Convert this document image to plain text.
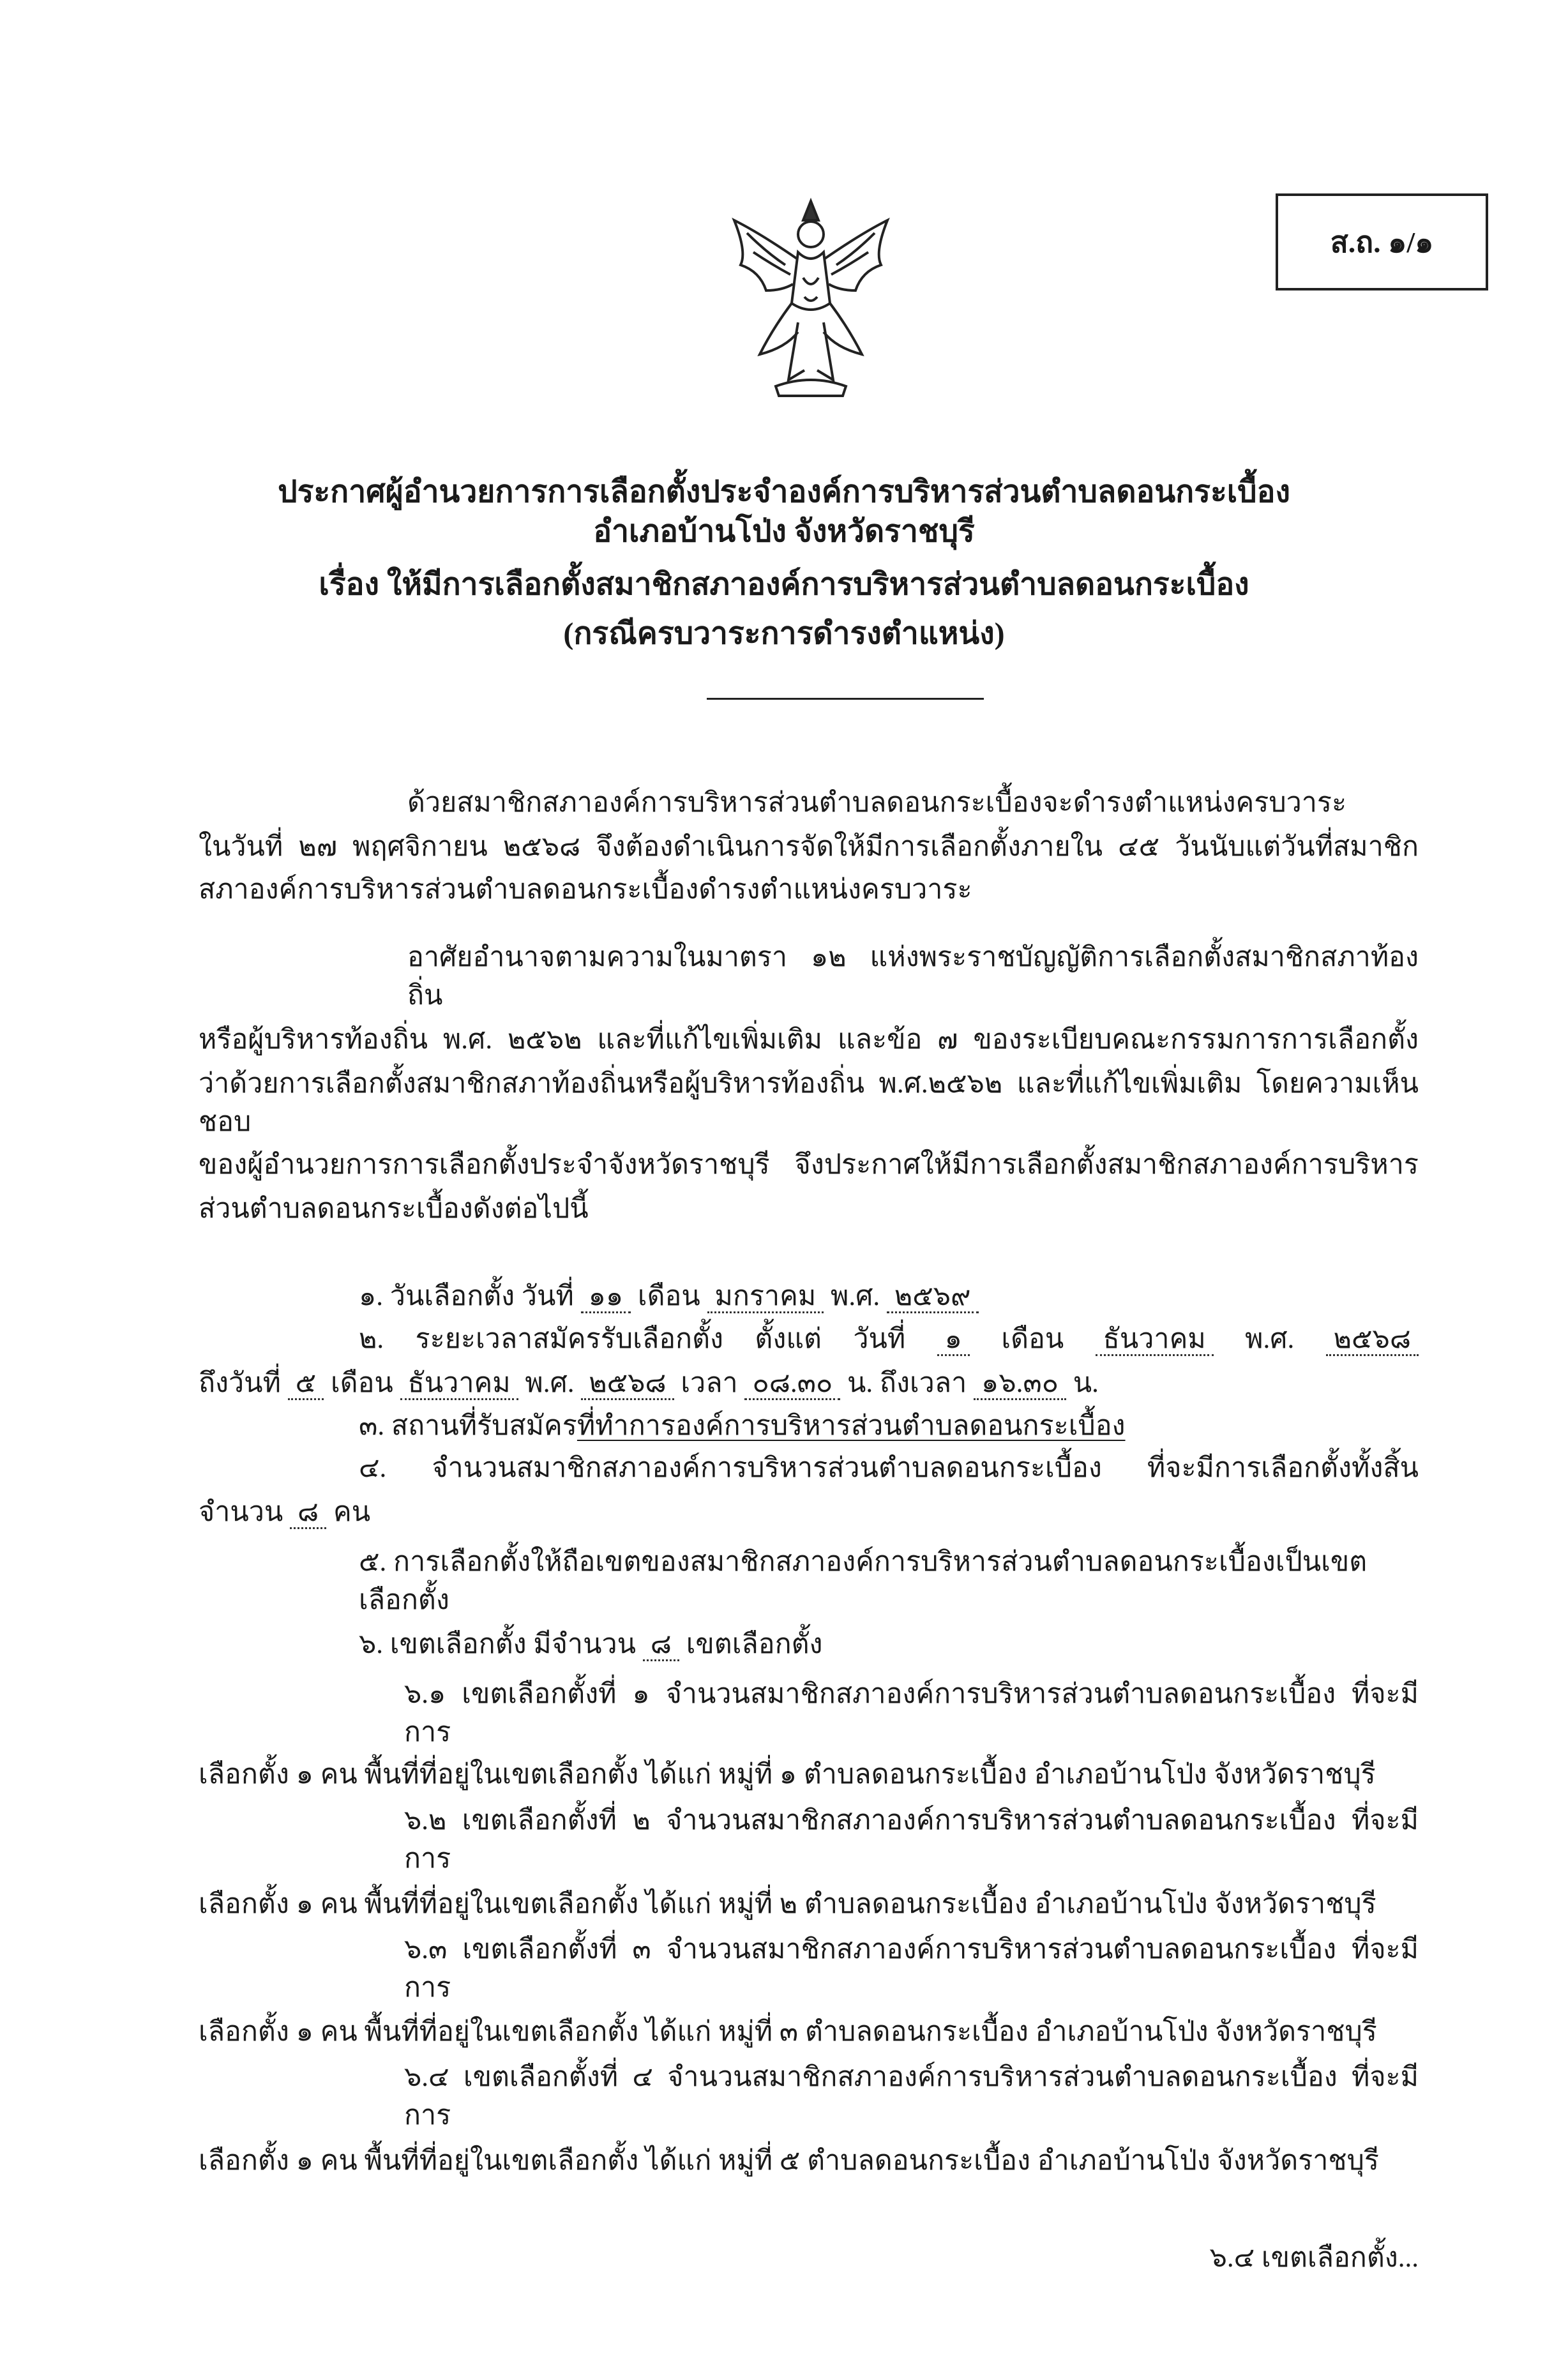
ส.ถ. ๑/๑
ประกาศผู้อำนวยการการเลือกตั้งประจำองค์การบริหารส่วนตำบลดอนกระเบื้อง
อำเภอบ้านโป่ง จังหวัดราชบุรี
เรื่อง ให้มีการเลือกตั้งสมาชิกสภาองค์การบริหารส่วนตำบลดอนกระเบื้อง
(กรณีครบวาระการดำรงตำแหน่ง)
ด้วยสมาชิกสภาองค์การบริหารส่วนตำบลดอนกระเบื้องจะดำรงตำแหน่งครบวาระ
ในวันที่ ๒๗ พฤศจิกายน ๒๕๖๘ จึงต้องดำเนินการจัดให้มีการเลือกตั้งภายใน ๔๕ วันนับแต่วันที่สมาชิก
สภาองค์การบริหารส่วนตำบลดอนกระเบื้องดำรงตำแหน่งครบวาระ
อาศัยอำนาจตามความในมาตรา ๑๒ แห่งพระราชบัญญัติการเลือกตั้งสมาชิกสภาท้องถิ่น
หรือผู้บริหารท้องถิ่น พ.ศ. ๒๕๖๒ และที่แก้ไขเพิ่มเติม และข้อ ๗ ของระเบียบคณะกรรมการการเลือกตั้ง
ว่าด้วยการเลือกตั้งสมาชิกสภาท้องถิ่นหรือผู้บริหารท้องถิ่น พ.ศ.๒๕๖๒ และที่แก้ไขเพิ่มเติม โดยความเห็นชอบ
ของผู้อำนวยการการเลือกตั้งประจำจังหวัดราชบุรี จึงประกาศให้มีการเลือกตั้งสมาชิกสภาองค์การบริหาร
ส่วนตำบลดอนกระเบื้องดังต่อไปนี้
๑. วันเลือกตั้ง วันที่ ๑๑ เดือน มกราคม พ.ศ. ๒๕๖๙
๒. ระยะเวลาสมัครรับเลือกตั้ง ตั้งแต่ วันที่ ๑ เดือน ธันวาคม พ.ศ. ๒๕๖๘
ถึงวันที่ ๕ เดือน ธันวาคม พ.ศ. ๒๕๖๘ เวลา ๐๘.๓๐ น. ถึงเวลา ๑๖.๓๐ น.
๓. สถานที่รับสมัครที่ทำการองค์การบริหารส่วนตำบลดอนกระเบื้อง
๔. จำนวนสมาชิกสภาองค์การบริหารส่วนตำบลดอนกระเบื้อง ที่จะมีการเลือกตั้งทั้งสิ้น
จำนวน ๘ คน
๕. การเลือกตั้งให้ถือเขตของสมาชิกสภาองค์การบริหารส่วนตำบลดอนกระเบื้องเป็นเขตเลือกตั้ง
๖. เขตเลือกตั้ง มีจำนวน ๘ เขตเลือกตั้ง
๖.๑ เขตเลือกตั้งที่ ๑ จำนวนสมาชิกสภาองค์การบริหารส่วนตำบลดอนกระเบื้อง ที่จะมีการ
เลือกตั้ง ๑ คน พื้นที่ที่อยู่ในเขตเลือกตั้ง ได้แก่ หมู่ที่ ๑ ตำบลดอนกระเบื้อง อำเภอบ้านโป่ง จังหวัดราชบุรี
๖.๒ เขตเลือกตั้งที่ ๒ จำนวนสมาชิกสภาองค์การบริหารส่วนตำบลดอนกระเบื้อง ที่จะมีการ
เลือกตั้ง ๑ คน พื้นที่ที่อยู่ในเขตเลือกตั้ง ได้แก่ หมู่ที่ ๒ ตำบลดอนกระเบื้อง อำเภอบ้านโป่ง จังหวัดราชบุรี
๖.๓ เขตเลือกตั้งที่ ๓ จำนวนสมาชิกสภาองค์การบริหารส่วนตำบลดอนกระเบื้อง ที่จะมีการ
เลือกตั้ง ๑ คน พื้นที่ที่อยู่ในเขตเลือกตั้ง ได้แก่ หมู่ที่ ๓ ตำบลดอนกระเบื้อง อำเภอบ้านโป่ง จังหวัดราชบุรี
๖.๔ เขตเลือกตั้งที่ ๔ จำนวนสมาชิกสภาองค์การบริหารส่วนตำบลดอนกระเบื้อง ที่จะมีการ
เลือกตั้ง ๑ คน พื้นที่ที่อยู่ในเขตเลือกตั้ง ได้แก่ หมู่ที่ ๕ ตำบลดอนกระเบื้อง อำเภอบ้านโป่ง จังหวัดราชบุรี
๖.๔ เขตเลือกตั้ง...
